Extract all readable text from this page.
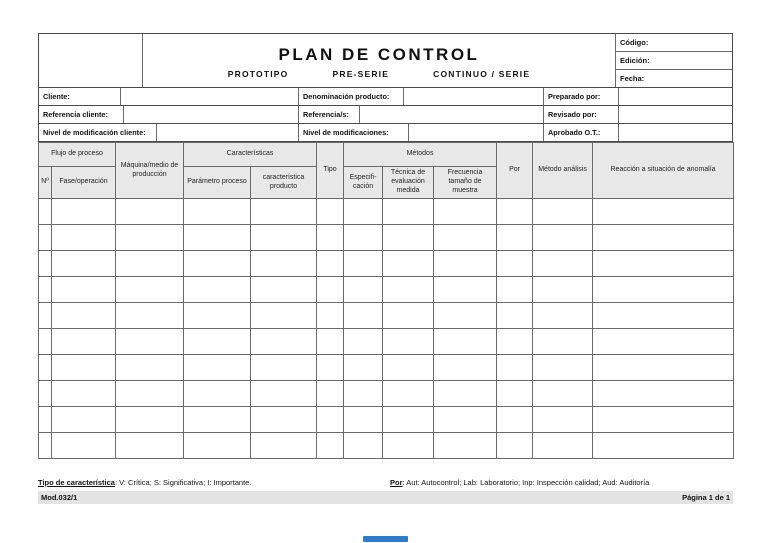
PLAN DE CONTROL
PROTOTIPO	PRE-SERIE	CONTINUO / SERIE
Código:
Edición:
Fecha:
Cliente:	Denominación producto:	Preparado por:
Referencia cliente:	Referencia/s:	Revisado por:
Nivel de modificación cliente:	Nivel de modificaciones:	Aprobado O.T.:
Flujo de proceso		Máquina/medio de producción	Características		Tipo	Métodos			Por	Método análisis	Reacción a situación de anomalía
Nº	Fase/operación		Parámetro proceso	característica producto		Especifi-cación	Técnica de evaluación medida	Frecuencia tamaño de muestra			

Tipo de característica: V: Crítica; S: Significativa; I: Importante.	Por: Aut: Autocontrol; Lab: Laboratorio; Inp: Inspección calidad; Aud: Auditoría
Mod.032/1	Página 1 de 1
